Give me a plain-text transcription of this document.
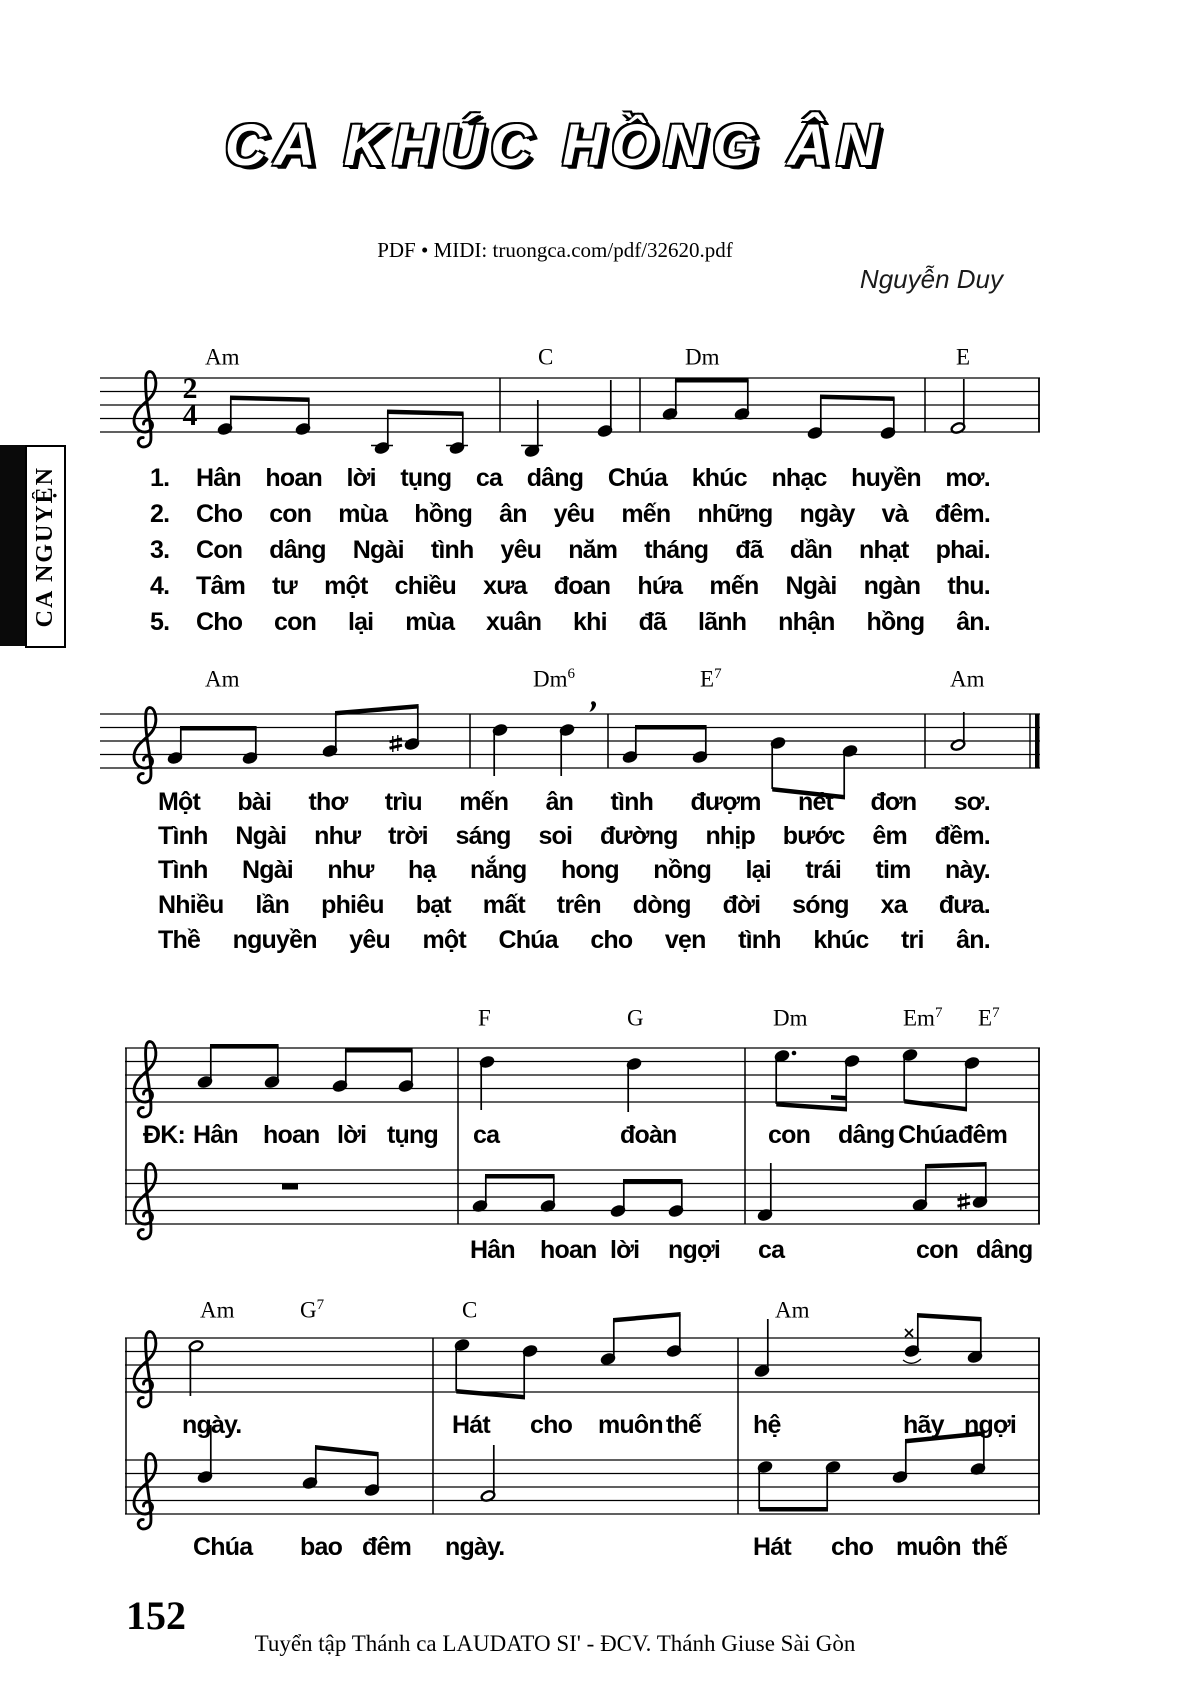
CA KHÚC HỒNG ÂN
PDF • MIDI: truongca.com/pdf/32620.pdf
Nguyễn Duy
CA NGUYỆN
2
4
Am	C	Dm	E
Am	Dm$^6$	$E^7$	Am
F	G	Dm	Em$^7$ $E^7$
Am	$G^7$	C	Am
1.	Hân hoan lời tụng ca dâng Chúa khúc nhạc huyền mơ.
2.	Cho con mùa hồng ân yêu mến những ngày và đêm.
3.	Con dâng Ngài tình yêu năm tháng đã dần nhạt phai.
4.	Tâm tư một chiều xưa đoan hứa mến Ngài ngàn thu.
5.	Cho con lại mùa xuân khi đã lãnh nhận hồng ân.
Một bài thơ trìu mến ân tình đượm nét đơn sơ.
Tình Ngài như trời sáng soi đường nhịp bước êm đềm.
Tình Ngài như hạ nắng hong nồng lại trái tim này.
Nhiều lần phiêu bạt mất trên dòng đời sóng xa đưa.
Thề nguyền yêu một Chúa cho vẹn tình khúc tri ân.
ĐK: Hân hoan lời tụng ca	đoàn	con dâng Chúa đêm
Hân hoan lời ngợi ca	con dâng
ngày.	Hát cho muôn thế hệ	hãy ngợi
Chúa bao đêm ngày.	Hát cho muôn thế
152
Tuyển tập Thánh ca LAUDATO SI' - ĐCV. Thánh Giuse Sài Gòn
